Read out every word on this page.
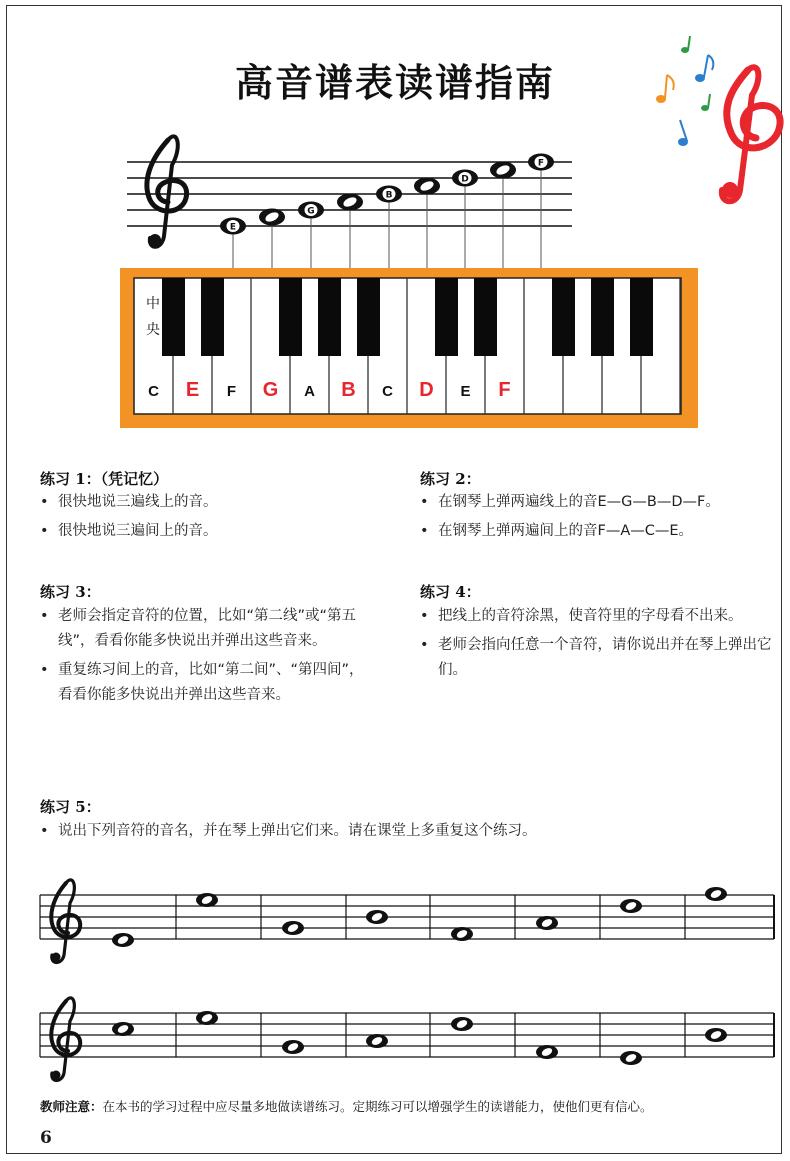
高音谱表读谱指南
E
G
B
D
F
中
央
C E F G A B C D E F
练习 1：（凭记忆）
• 很快地说三遍线上的音。
• 很快地说三遍间上的音。
练习 2：
• 在钢琴上弹两遍线上的音E—G—B—D—F。
• 在钢琴上弹两遍间上的音F—A—C—E。
练习 3：
• 老师会指定音符的位置，比如“第二线”或“第五线”，看看你能多快说出并弹出这些音来。
• 重复练习间上的音，比如“第二间”、“第四间”，看看你能多快说出并弹出这些音来。
练习 4：
• 把线上的音符涂黑，使音符里的字母看不出来。
• 老师会指向任意一个音符，请你说出并在琴上弹出它们。
练习 5：
• 说出下列音符的音名，并在琴上弹出它们来。请在课堂上多重复这个练习。
教师注意：在本书的学习过程中应尽量多地做读谱练习。定期练习可以增强学生的读谱能力，使他们更有信心。
6
